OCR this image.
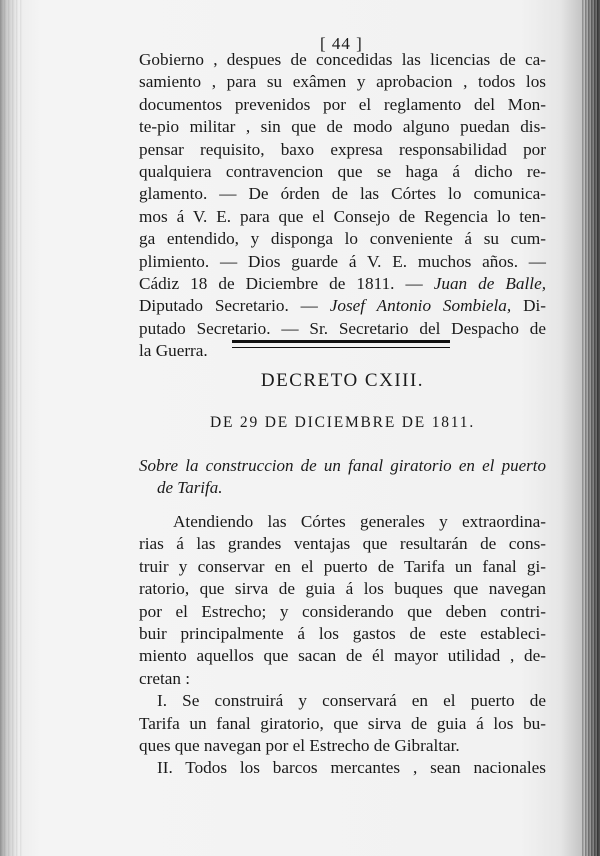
[ 44 ]
Gobierno , despues de concedidas las licencias de ca-
samiento , para su exâmen y aprobacion , todos los
documentos prevenidos por el reglamento del Mon-
te-pio militar , sin que de modo alguno puedan dis-
pensar requisito, baxo expresa responsabilidad por
qualquiera contravencion que se haga á dicho re-
glamento. — De órden de las Córtes lo comunica-
mos á V. E. para que el Consejo de Regencia lo ten-
ga entendido, y disponga lo conveniente á su cum-
plimiento. — Dios guarde á V. E. muchos años. —
Cádiz 18 de Diciembre de 1811. — Juan de Balle,
Diputado Secretario. — Josef Antonio Sombiela, Di-
putado Secretario. — Sr. Secretario del Despacho de
la Guerra.
DECRETO CXIII.
DE 29 DE DICIEMBRE DE 1811.
Sobre la construccion de un fanal giratorio en el puerto
de Tarifa.
Atendiendo las Córtes generales y extraordina-
rias á las grandes ventajas que resultarán de cons-
truir y conservar en el puerto de Tarifa un fanal gi-
ratorio, que sirva de guia á los buques que navegan
por el Estrecho; y considerando que deben contri-
buir principalmente á los gastos de este estableci-
miento aquellos que sacan de él mayor utilidad , de-
cretan :
I. Se construirá y conservará en el puerto de
Tarifa un fanal giratorio, que sirva de guia á los bu-
ques que navegan por el Estrecho de Gibraltar.
II. Todos los barcos mercantes , sean nacionales
